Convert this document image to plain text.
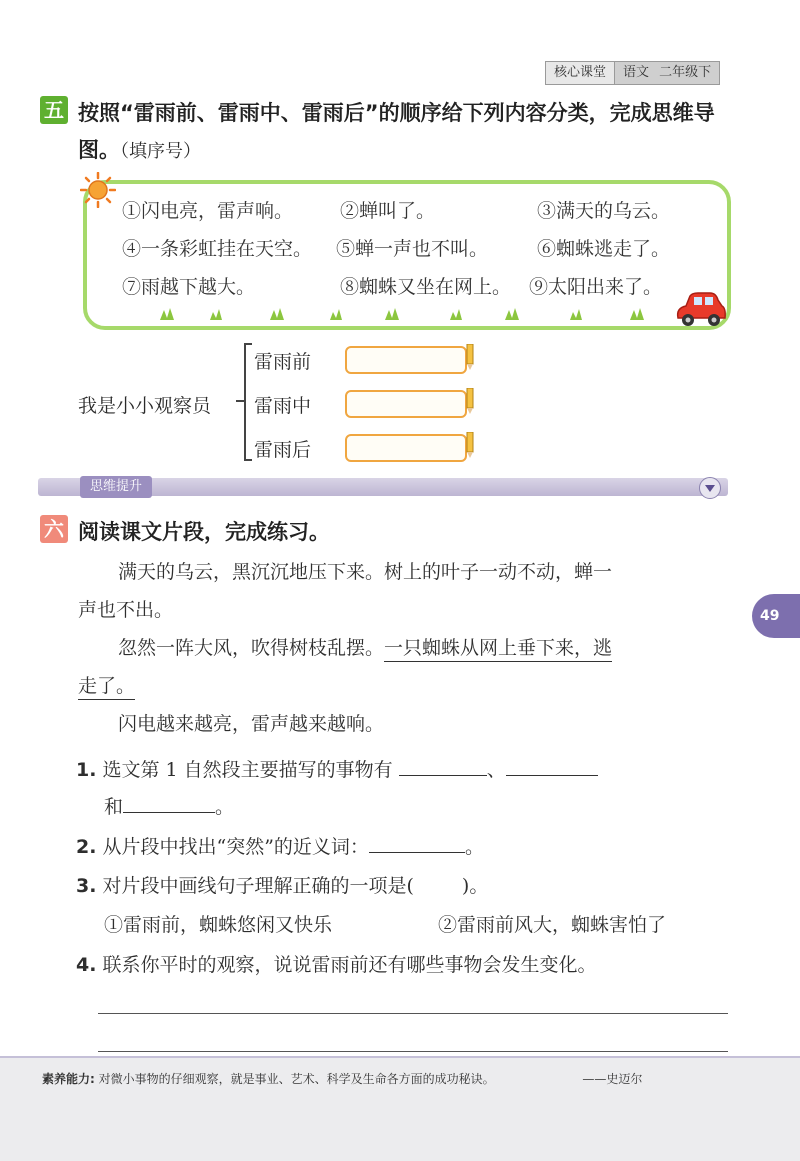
核心课堂	语文 二年级下
五 按照“雷雨前、雷雨中、雷雨后”的顺序给下列内容分类，完成思维导
图。（填序号）
①闪电亮，雷声响。 ②蝉叫了。	③满天的乌云。
④一条彩虹挂在天空。 ⑤蝉一声也不叫。	⑥蜘蛛逃走了。
⑦雨越下越大。	⑧蜘蛛又坐在网上。 ⑨太阳出来了。
我是小小观察员
雷雨前
雷雨中
雷雨后
思维提升
六 阅读课文片段，完成练习。
满天的乌云，黑沉沉地压下来。树上的叶子一动不动，蝉一
声也不出。
忽然一阵大风，吹得树枝乱摆。一只蜘蛛从网上垂下来，逃
走了。
闪电越来越亮，雷声越来越响。
1. 选文第 1 自然段主要描写的事物有	、
和	。
2. 从片段中找出“突然”的近义词：	。
3. 对片段中画线句子理解正确的一项是(	)。
①雷雨前，蜘蛛悠闲又快乐	②雷雨前风大，蜘蛛害怕了
4. 联系你平时的观察，说说雷雨前还有哪些事物会发生变化。
49
素养能力: 对微小事物的仔细观察，就是事业、艺术、科学及生命各方面的成功秘诀。	——史迈尔
